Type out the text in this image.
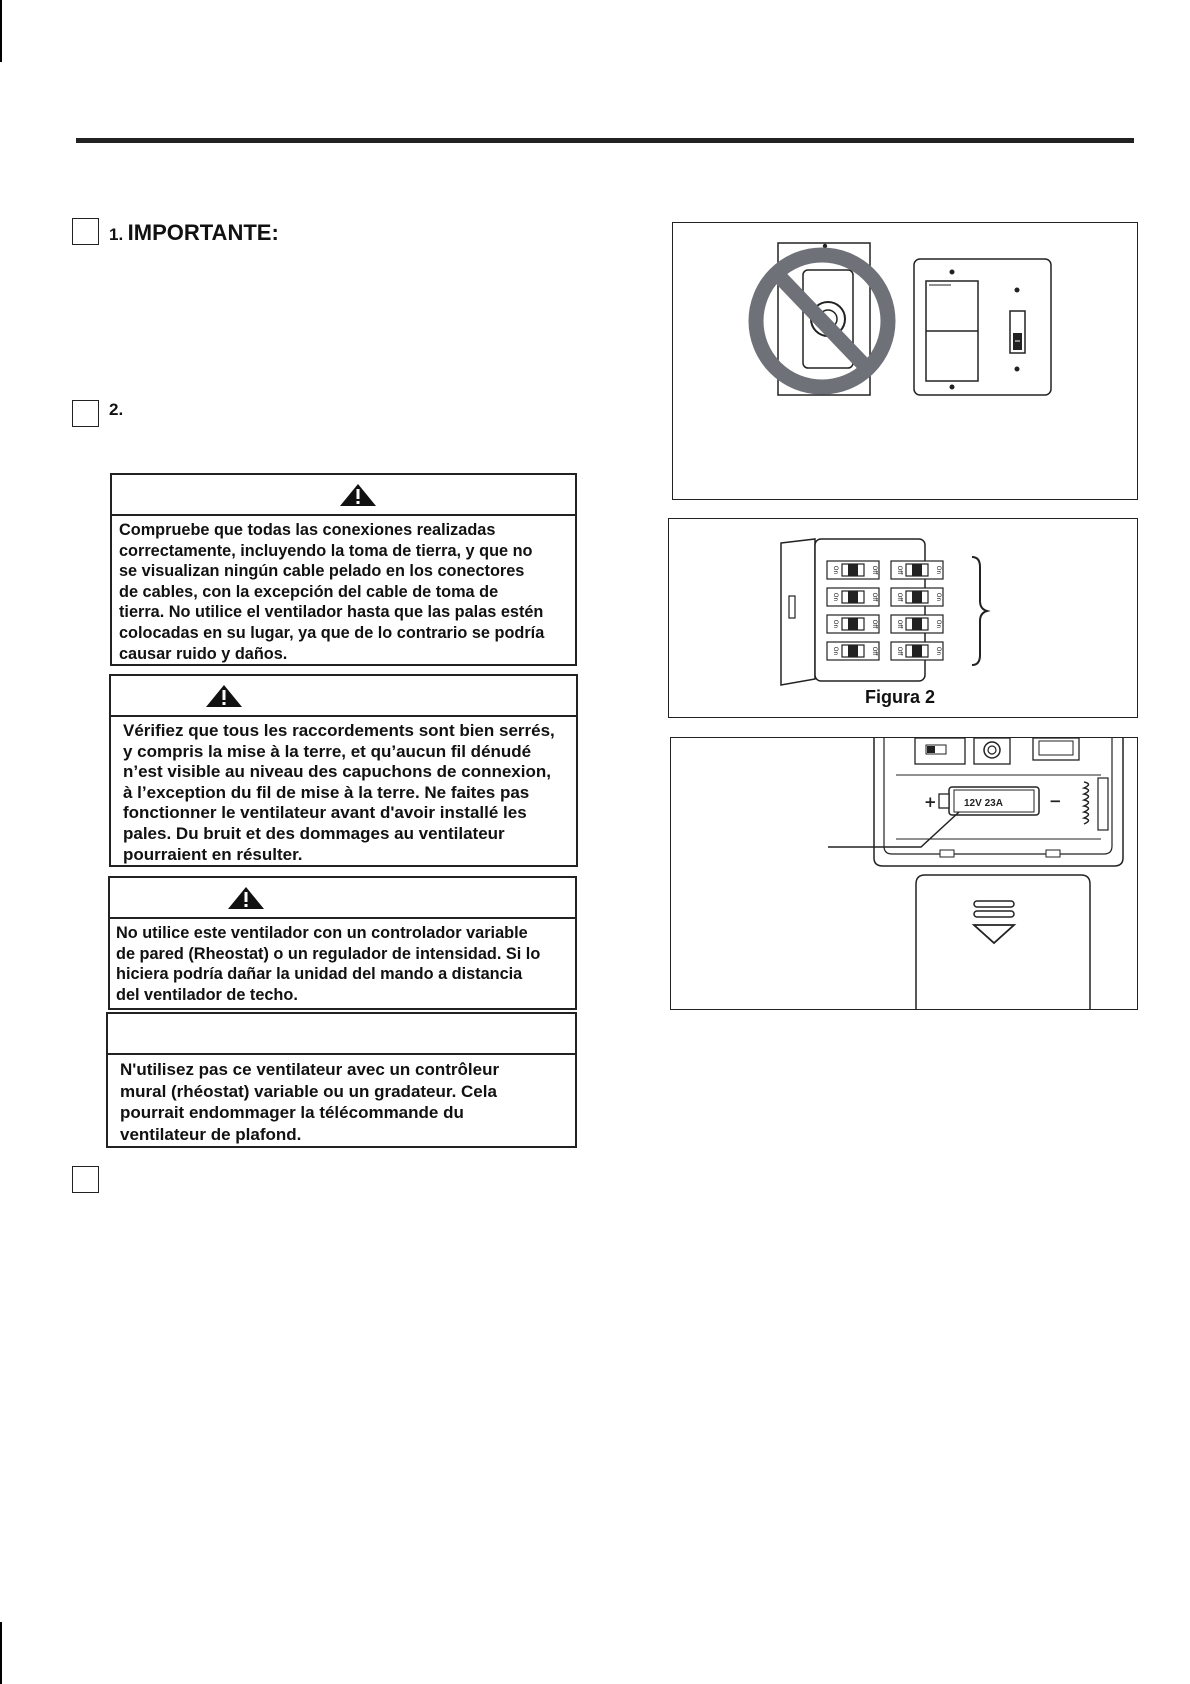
1. IMPORTANTE:
2.
Compruebe que todas las conexiones realizadas
correctamente, incluyendo la toma de tierra, y que no
se visualizan ningún cable pelado en los conectores
de cables, con la excepción del cable de toma de
tierra. No utilice el ventilador hasta que las palas estén
colocadas en su lugar, ya que de lo contrario se podría
causar ruido y daños.
Vérifiez que tous les raccordements sont bien serrés,
y compris la mise à la terre, et qu’aucun fil dénudé
n’est visible au niveau des capuchons de connexion,
à l’exception du fil de mise à la terre. Ne faites pas
fonctionner le ventilateur avant d'avoir installé les
pales. Du bruit et des dommages au ventilateur
pourraient en résulter.
No utilice este ventilador con un controlador variable
de pared (Rheostat) o un regulador de intensidad. Si lo
hiciera podría dañar la unidad del mando a distancia
del ventilador de techo.
N'utilisez pas ce ventilateur avec un contrôleur
mural (rhéostat) variable ou un gradateur. Cela
pourrait endommager la télécommande du
ventilateur de plafond.
On	Off
On	Off
On	Off
On	Off
Off	On
Off	On
Off	On
Off	On
Figura 2
+	−
12V 23A
